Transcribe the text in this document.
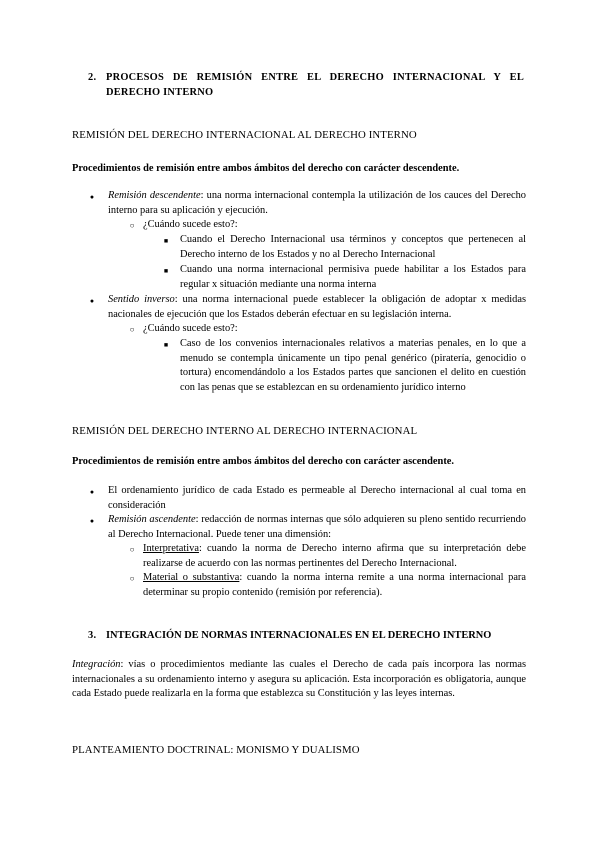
2. PROCESOS DE REMISIÓN ENTRE EL DERECHO INTERNACIONAL Y EL
DERECHO INTERNO
REMISIÓN DEL DERECHO INTERNACIONAL AL DERECHO INTERNO
Procedimientos de remisión entre ambos ámbitos del derecho con carácter descendente.
●
Remisión descendente: una norma internacional contempla la utilización de los cauces del Derecho interno para su aplicación y ejecución.
○
¿Cuándo sucede esto?:
■
Cuando el Derecho Internacional usa términos y conceptos que pertenecen al Derecho interno de los Estados y no al Derecho Internacional
■
Cuando una norma internacional permisiva puede habilitar a los Estados para regular x situación mediante una norma interna
●
Sentido inverso: una norma internacional puede establecer la obligación de adoptar x medidas nacionales de ejecución que los Estados deberán efectuar en su legislación interna.
○
¿Cuándo sucede esto?:
■
Caso de los convenios internacionales relativos a materias penales, en lo que a menudo se contempla únicamente un tipo penal genérico (piratería, genocidio o tortura) encomendándolo a los Estados partes que sancionen el delito en cuestión con las penas que se establezcan en su ordenamiento jurídico interno
REMISIÓN DEL DERECHO INTERNO AL DERECHO INTERNACIONAL
Procedimientos de remisión entre ambos ámbitos del derecho con carácter ascendente.
●
El ordenamiento jurídico de cada Estado es permeable al Derecho internacional al cual toma en consideración
●
Remisión ascendente: redacción de normas internas que sólo adquieren su pleno sentido recurriendo al Derecho Internacional. Puede tener una dimensión:
○
Interpretativa: cuando la norma de Derecho interno afirma que su interpretación debe realizarse de acuerdo con las normas pertinentes del Derecho Internacional.
○
Material o substantiva: cuando la norma interna remite a una norma internacional para determinar su propio contenido (remisión por referencia).
3. INTEGRACIÓN DE NORMAS INTERNACIONALES EN EL DERECHO INTERNO
Integración: vías o procedimientos mediante las cuales el Derecho de cada país incorpora las normas internacionales a su ordenamiento interno y asegura su aplicación. Esta incorporación es obligatoria, aunque cada Estado puede realizarla en la forma que establezca su Constitución y las leyes internas.
PLANTEAMIENTO DOCTRINAL: MONISMO Y DUALISMO
